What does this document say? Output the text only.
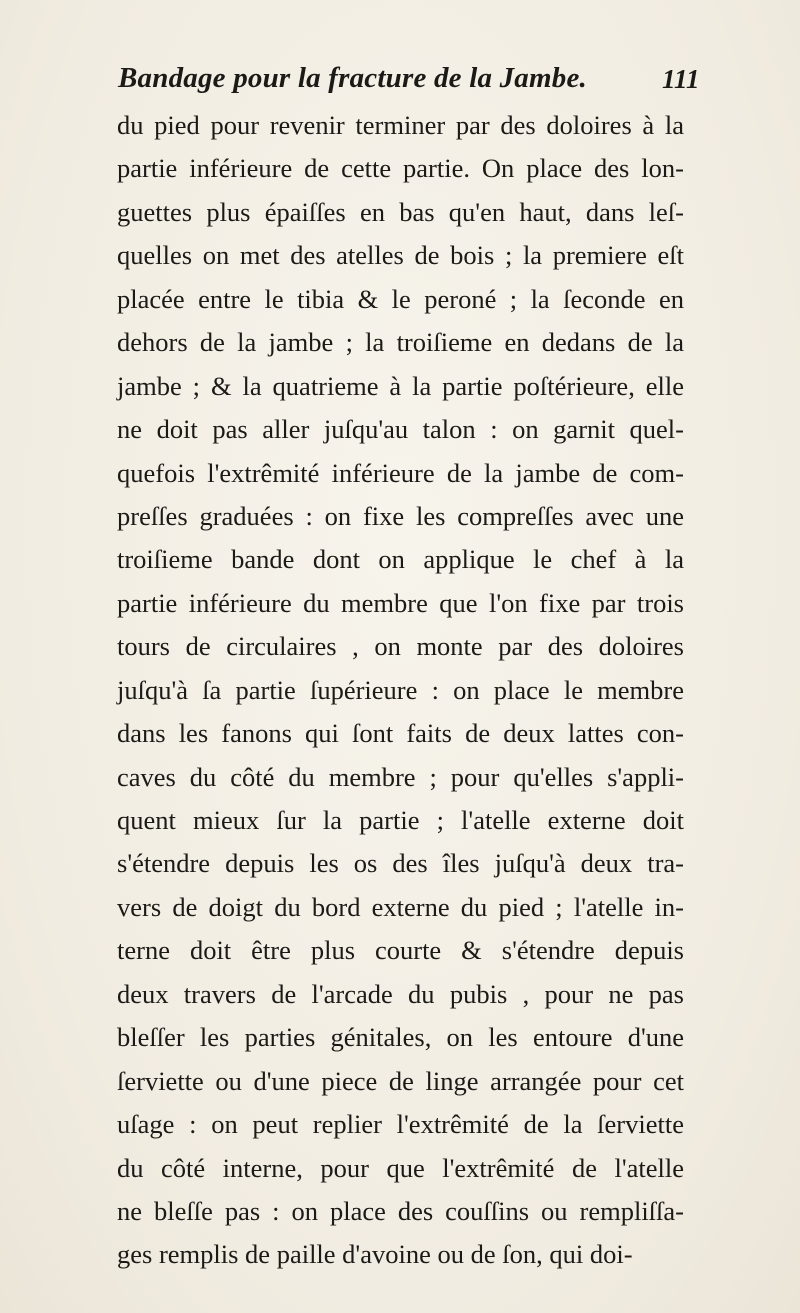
Bandage pour la fracture de la Jambe.	111
du pied pour revenir terminer par des doloires à la
partie inférieure de cette partie. On place des lon-
guettes plus épaiſſes en bas qu'en haut, dans leſ-
quelles on met des atelles de bois ; la premiere eſt
placée entre le tibia & le peroné ; la ſeconde en
dehors de la jambe ; la troiſieme en dedans de la
jambe ; & la quatrieme à la partie poſtérieure, elle
ne doit pas aller juſqu'au talon : on garnit quel-
quefois l'extrêmité inférieure de la jambe de com-
preſſes graduées : on fixe les compreſſes avec une
troiſieme bande dont on applique le chef à la
partie inférieure du membre que l'on fixe par trois
tours de circulaires , on monte par des doloires
juſqu'à ſa partie ſupérieure : on place le membre
dans les fanons qui ſont faits de deux lattes con-
caves du côté du membre ; pour qu'elles s'appli-
quent mieux ſur la partie ; l'atelle externe doit
s'étendre depuis les os des îles juſqu'à deux tra-
vers de doigt du bord externe du pied ; l'atelle in-
terne doit être plus courte & s'étendre depuis
deux travers de l'arcade du pubis , pour ne pas
bleſſer les parties génitales, on les entoure d'une
ſerviette ou d'une piece de linge arrangée pour cet
uſage : on peut replier l'extrêmité de la ſerviette
du côté interne, pour que l'extrêmité de l'atelle
ne bleſſe pas : on place des couſſins ou rempliſſa-
ges remplis de paille d'avoine ou de ſon, qui doi-
